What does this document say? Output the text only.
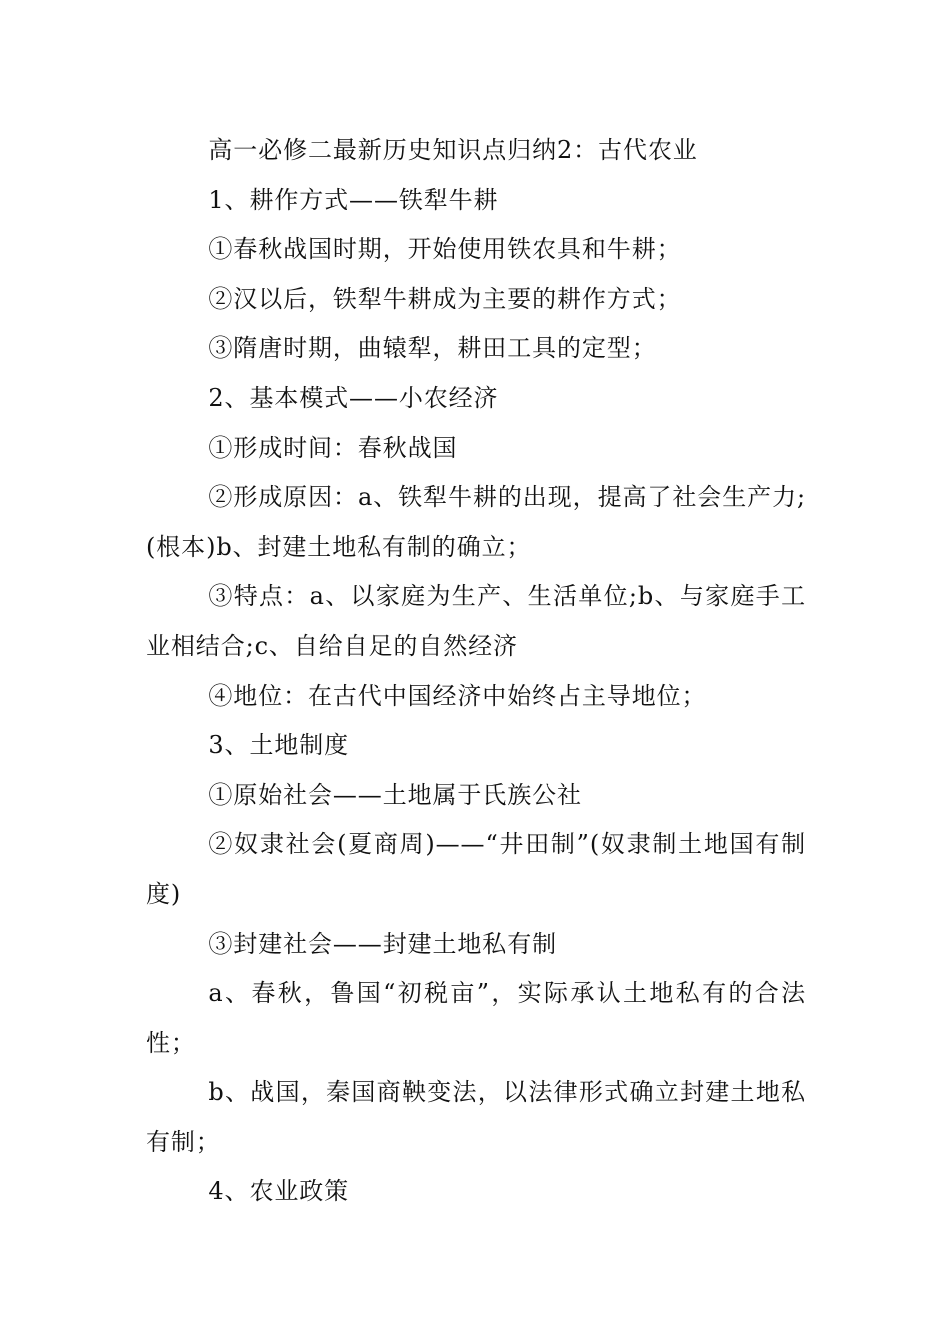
高一必修二最新历史知识点归纳2：古代农业

1、耕作方式——铁犁牛耕

①春秋战国时期，开始使用铁农具和牛耕；

②汉以后，铁犁牛耕成为主要的耕作方式；

③隋唐时期，曲辕犁，耕田工具的定型；

2、基本模式——小农经济

①形成时间：春秋战国

②形成原因：a、铁犁牛耕的出现，提高了社会生产力;(根本)b、封建土地私有制的确立；

③特点：a、以家庭为生产、生活单位;b、与家庭手工业相结合;c、自给自足的自然经济

④地位：在古代中国经济中始终占主导地位；

3、土地制度

①原始社会——土地属于氏族公社

②奴隶社会(夏商周)——“井田制”(奴隶制土地国有制度)

③封建社会——封建土地私有制

a、春秋，鲁国“初税亩”，实际承认土地私有的合法性；

b、战国，秦国商鞅变法，以法律形式确立封建土地私有制；

4、农业政策
